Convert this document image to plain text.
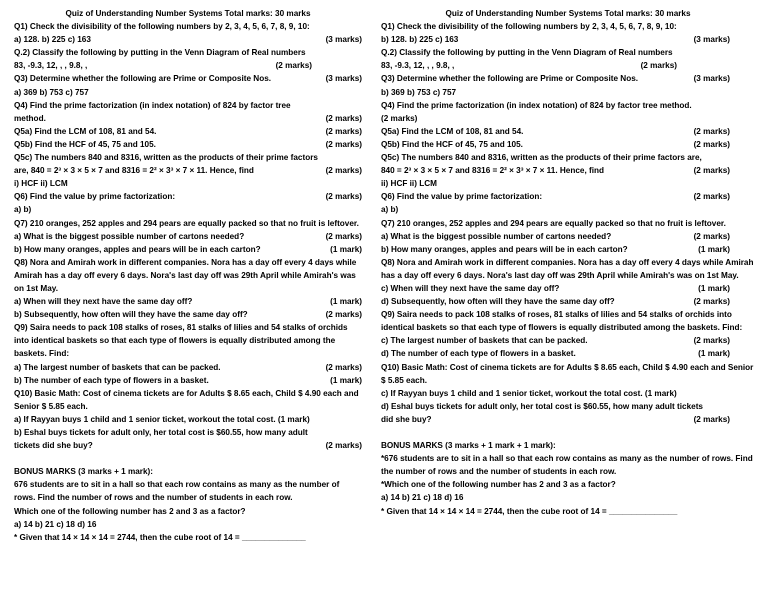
Quiz of Understanding Number Systems Total marks: 30 marks
Q1) Check the divisibility of the following numbers by 2, 3, 4, 5, 6, 7, 8, 9, 10:
a) 128. b) 225 c) 163	(3 marks)
Q.2) Classify the following by putting in the Venn Diagram of Real numbers
83, -9.3, 12, , , 9.8, ,	(2 marks)
Q3) Determine whether the following are Prime or Composite Nos.	(3 marks)
a) 369 b) 753 c) 757
Q4) Find the prime factorization (in index notation) of 824 by factor tree
method.	(2 marks)
Q5a) Find the LCM of 108, 81 and 54.	(2 marks)
Q5b) Find the HCF of 45, 75 and 105.	(2 marks)
Q5c) The numbers 840 and 8316, written as the products of their prime factors
are, 840 = 2³ × 3 × 5 × 7 and 8316 = 2² × 3³ × 7 × 11. Hence, find	(2 marks)
i) HCF ii) LCM
Q6) Find the value by prime factorization:	(2 marks)
a) b)
Q7) 210 oranges, 252 apples and 294 pears are equally packed so that no fruit is leftover.
a) What is the biggest possible number of cartons needed?	(2 marks)
b) How many oranges, apples and pears will be in each carton?	(1 mark)
Q8) Nora and Amirah work in different companies. Nora has a day off every 4 days while Amirah has a day off every 6 days. Nora's last day off was 29th April while Amirah's was on 1st May.
a) When will they next have the same day off?	(1 mark)
b) Subsequently, how often will they have the same day off?	(2 marks)
Q9) Saira needs to pack 108 stalks of roses, 81 stalks of lilies and 54 stalks of orchids into identical baskets so that each type of flowers is equally distributed among the baskets. Find:
a) The largest number of baskets that can be packed.	(2 marks)
b) The number of each type of flowers in a basket.	(1 mark)
Q10) Basic Math: Cost of cinema tickets are for Adults $ 8.65 each, Child $ 4.90 each and Senior $ 5.85 each.
a) If Rayyan buys 1 child and 1 senior ticket, workout the total cost. (1 mark)
b) Eshal buys tickets for adult only, her total cost is $60.55, how many adult
tickets did she buy?	(2 marks)
BONUS MARKS (3 marks + 1 mark):
676 students are to sit in a hall so that each row contains as many as the number of rows. Find the number of rows and the number of students in each row.
Which one of the following number has 2 and 3 as a factor?
a) 14 b) 21 c) 18 d) 16
* Given that 14 × 14 × 14 = 2744, then the cube root of 14 = ______________
Quiz of Understanding Number Systems Total marks: 30 marks
Q1) Check the divisibility of the following numbers by 2, 3, 4, 5, 6, 7, 8, 9, 10:
b) 128. b) 225 c) 163	(3 marks)
Q.2) Classify the following by putting in the Venn Diagram of Real numbers
83, -9.3, 12, , , 9.8, ,	(2 marks)
Q3) Determine whether the following are Prime or Composite Nos.	(3 marks)
b) 369 b) 753 c) 757
Q4) Find the prime factorization (in index notation) of 824 by factor tree method.
(2 marks)
Q5a) Find the LCM of 108, 81 and 54.	(2 marks)
Q5b) Find the HCF of 45, 75 and 105.	(2 marks)
Q5c) The numbers 840 and 8316, written as the products of their prime factors are,
840 = 2³ × 3 × 5 × 7 and 8316 = 2² × 3³ × 7 × 11. Hence, find	(2 marks)
ii) HCF ii) LCM
Q6) Find the value by prime factorization:	(2 marks)
a) b)
Q7) 210 oranges, 252 apples and 294 pears are equally packed so that no fruit is leftover.
a) What is the biggest possible number of cartons needed?	(2 marks)
b) How many oranges, apples and pears will be in each carton?	(1 mark)
Q8) Nora and Amirah work in different companies. Nora has a day off every 4 days while Amirah has a day off every 6 days. Nora's last day off was 29th April while Amirah's was on 1st May.
c) When will they next have the same day off?	(1 mark)
d) Subsequently, how often will they have the same day off?	(2 marks)
Q9) Saira needs to pack 108 stalks of roses, 81 stalks of lilies and 54 stalks of orchids into identical baskets so that each type of flowers is equally distributed among the baskets. Find:
c) The largest number of baskets that can be packed.	(2 marks)
d) The number of each type of flowers in a basket.	(1 mark)
Q10) Basic Math: Cost of cinema tickets are for Adults $ 8.65 each, Child $ 4.90 each and Senior $ 5.85 each.
c) If Rayyan buys 1 child and 1 senior ticket, workout the total cost. (1 mark)
d) Eshal buys tickets for adult only, her total cost is $60.55, how many adult tickets
did she buy?	(2 marks)
BONUS MARKS (3 marks + 1 mark + 1 mark):
*676 students are to sit in a hall so that each row contains as many as the number of rows. Find the number of rows and the number of students in each row.
*Which one of the following number has 2 and 3 as a factor?
a) 14 b) 21 c) 18 d) 16
* Given that 14 × 14 × 14 = 2744, then the cube root of 14 = _______________
